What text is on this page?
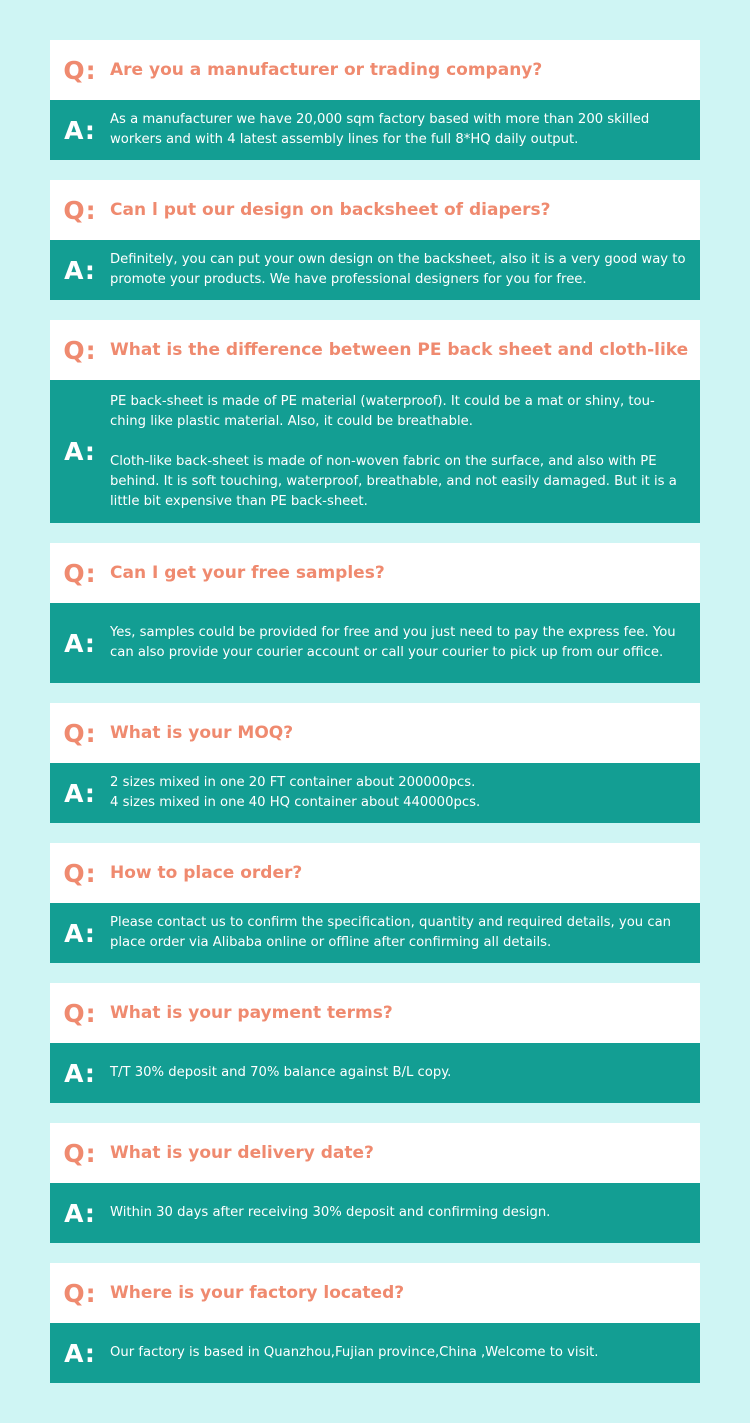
Q: Are you a manufacturer or trading company?
A:	As a manufacturer we have 20,000 sqm factory based with more than 200 skilled workers and with 4 latest assembly lines for the full 8*HQ daily output.

Q: Can l put our design on backsheet of diapers?
A:	Definitely, you can put your own design on the backsheet, also it is a very good way to promote your products. We have professional designers for you for free.

Q: What is the difference between PE back sheet and cloth-like
A:

PE back-sheet is made of PE material (waterproof). It could be a mat or shiny, tou-ching like plastic material. Also, it could be breathable.

Cloth-like back-sheet is made of non-woven fabric on the surface, and also with PE behind. It is soft touching, waterproof, breathable, and not easily damaged. But it is a little bit expensive than PE back-sheet.

Q: Can I get your free samples?
A:	Yes, samples could be provided for free and you just need to pay the express fee. You can also provide your courier account or call your courier to pick up from our office.

Q: What is your MOQ?
A:	2 sizes mixed in one 20 FT container about 200000pcs.

4 sizes mixed in one 40 HQ container about 440000pcs.

Q: How to place order?
A:	Please contact us to confirm the specification, quantity and required details, you can place order via Alibaba online or offline after confirming all details.

Q: What is your payment terms?
A:	T/T 30% deposit and 70% balance against B/L copy.

Q: What is your delivery date?
A:	Within 30 days after receiving 30% deposit and confirming design.

Q: Where is your factory located?
A:	Our factory is based in Quanzhou,Fujian province,China ,Welcome to visit.
